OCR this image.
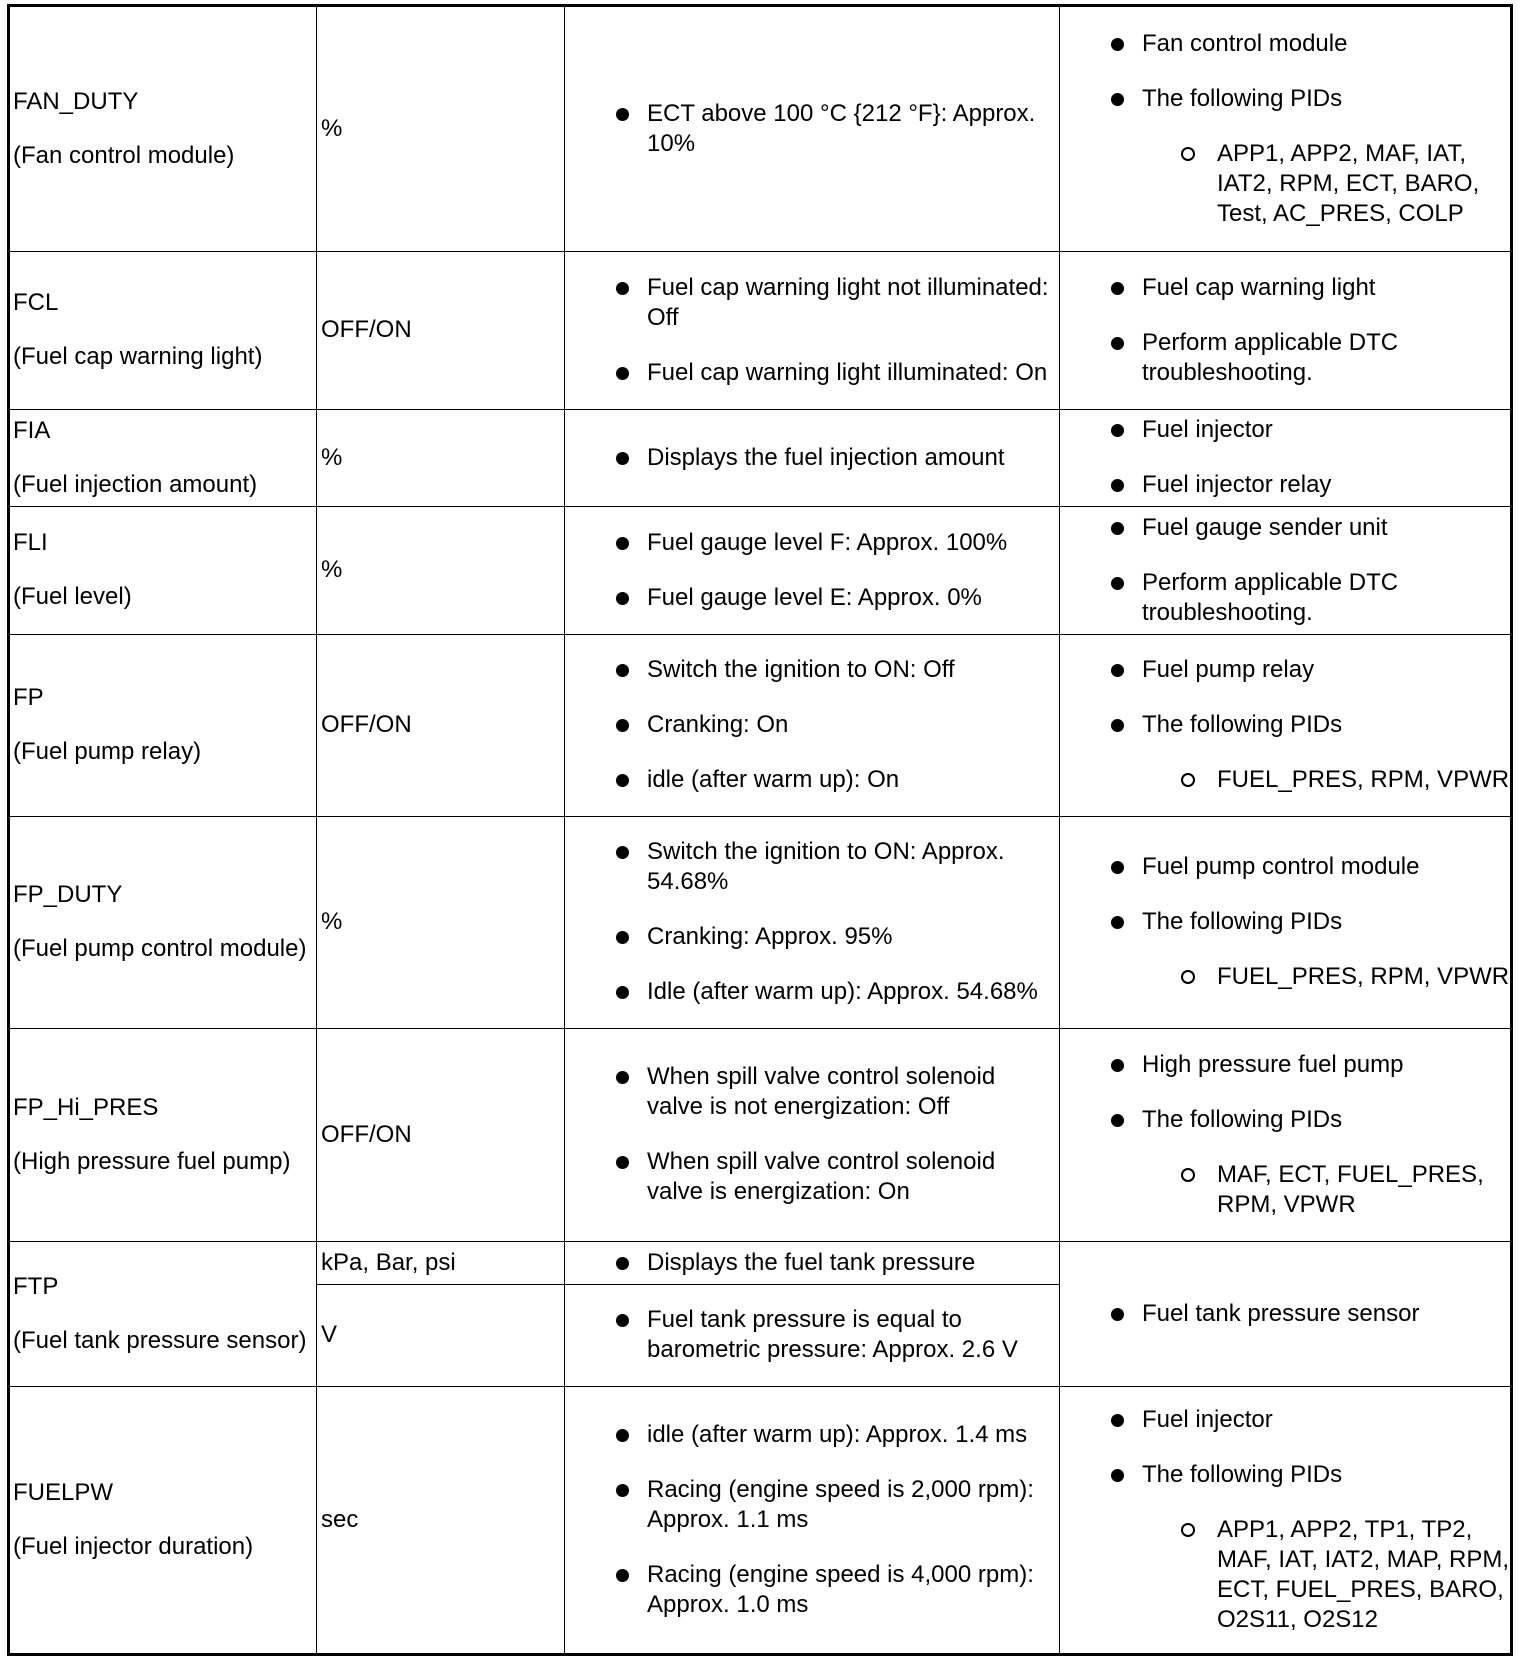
FAN_DUTY
(Fan control module)
%
ECT above 100 °C {212 °F}: Approx. 10%
Fan control module
The following PIDs
APP1, APP2, MAF, IAT, IAT2, RPM, ECT, BARO, Test, AC_PRES, COLP
FCL
(Fuel cap warning light)
OFF/ON
Fuel cap warning light not illuminated: Off
Fuel cap warning light illuminated: On
Fuel cap warning light
Perform applicable DTC troubleshooting.
FIA
(Fuel injection amount)
%	Displays the fuel injection amount
Fuel injector
Fuel injector relay
FLI
(Fuel level)
%
Fuel gauge level F: Approx. 100%
Fuel gauge level E: Approx. 0%
Fuel gauge sender unit
Perform applicable DTC troubleshooting.
FP
(Fuel pump relay)
OFF/ON
Switch the ignition to ON: Off
Cranking: On
idle (after warm up): On
Fuel pump relay
The following PIDs
FUEL_PRES, RPM, VPWR
FP_DUTY
(Fuel pump control module)
%
Switch the ignition to ON: Approx. 54.68%
Cranking: Approx. 95%
Idle (after warm up): Approx. 54.68%
Fuel pump control module
The following PIDs
FUEL_PRES, RPM, VPWR
FP_Hi_PRES
(High pressure fuel pump)
OFF/ON
When spill valve control solenoid valve is not energization: Off
When spill valve control solenoid valve is energization: On
High pressure fuel pump
The following PIDs
MAF, ECT, FUEL_PRES, RPM, VPWR
FTP
(Fuel tank pressure sensor)
kPa, Bar, psi
V
Displays the fuel tank pressure
Fuel tank pressure is equal to barometric pressure: Approx. 2.6 V
Fuel tank pressure sensor
FUELPW
(Fuel injector duration)
sec
idle (after warm up): Approx. 1.4 ms
Racing (engine speed is 2,000 rpm): Approx. 1.1 ms
Racing (engine speed is 4,000 rpm): Approx. 1.0 ms
Fuel injector
The following PIDs
APP1, APP2, TP1, TP2, MAF, IAT, IAT2, MAP, RPM, ECT, FUEL_PRES, BARO, O2S11, O2S12
